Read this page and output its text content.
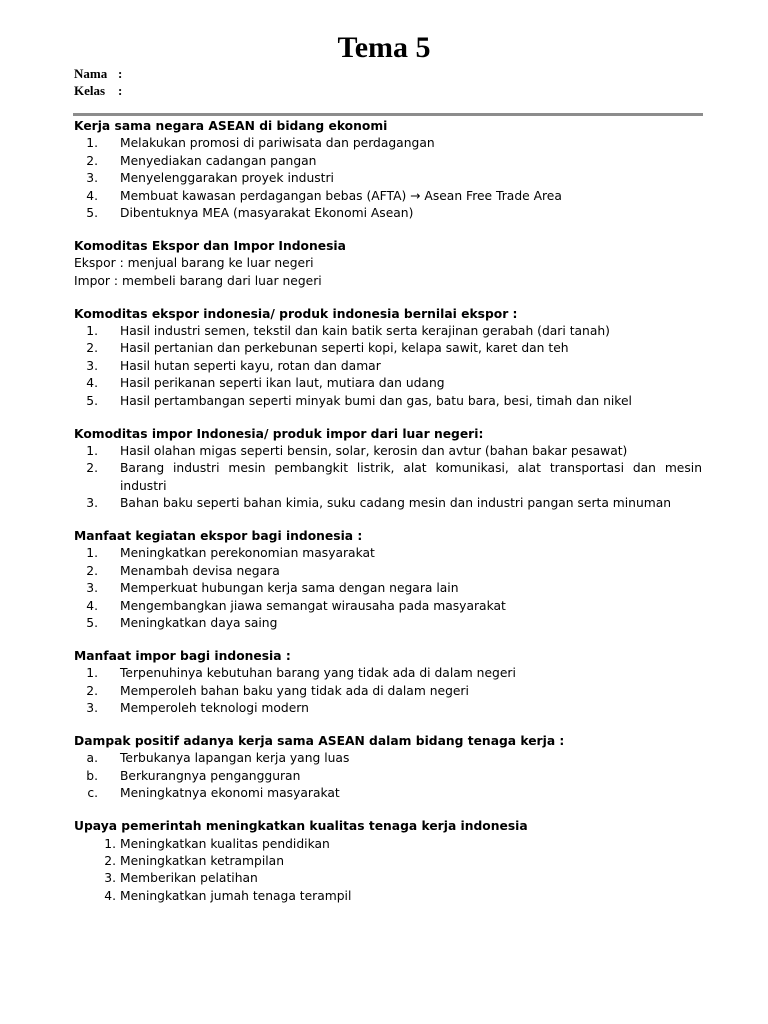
Tema 5
Nama :
Kelas :
Kerja sama negara ASEAN di bidang ekonomi
1.	Melakukan promosi di pariwisata dan perdagangan
2.	Menyediakan cadangan pangan
3.	Menyelenggarakan proyek industri
4.	Membuat kawasan perdagangan bebas (AFTA) → Asean Free Trade Area
5.	Dibentuknya MEA (masyarakat Ekonomi Asean)
Komoditas Ekspor dan Impor Indonesia
Ekspor : menjual barang ke luar negeri
Impor : membeli barang dari luar negeri
Komoditas ekspor indonesia/ produk indonesia bernilai ekspor :
1.	Hasil industri semen, tekstil dan kain batik serta kerajinan gerabah (dari tanah)
2.	Hasil pertanian dan perkebunan seperti kopi, kelapa sawit, karet dan teh
3.	Hasil hutan seperti kayu, rotan dan damar
4.	Hasil perikanan seperti ikan laut, mutiara dan udang
5.	Hasil pertambangan seperti minyak bumi dan gas, batu bara, besi, timah dan nikel
Komoditas impor Indonesia/ produk impor dari luar negeri:
1.	Hasil olahan migas seperti bensin, solar, kerosin dan avtur (bahan bakar pesawat)
2.	Barang industri mesin pembangkit listrik, alat komunikasi, alat transportasi dan mesin industri
3.	Bahan baku seperti bahan kimia, suku cadang mesin dan industri pangan serta minuman
Manfaat kegiatan ekspor bagi indonesia :
1.	Meningkatkan perekonomian masyarakat
2.	Menambah devisa negara
3.	Memperkuat hubungan kerja sama dengan negara lain
4.	Mengembangkan jiawa semangat wirausaha pada masyarakat
5.	Meningkatkan daya saing
Manfaat impor bagi indonesia :
1.	Terpenuhinya kebutuhan barang yang tidak ada di dalam negeri
2.	Memperoleh bahan baku yang tidak ada di dalam negeri
3.	Memperoleh teknologi modern
Dampak positif adanya kerja sama ASEAN dalam bidang tenaga kerja :
a.	Terbukanya lapangan kerja yang luas
b.	Berkurangnya pengangguran
c.	Meningkatnya ekonomi masyarakat
Upaya pemerintah meningkatkan kualitas tenaga kerja indonesia
1. Meningkatkan kualitas pendidikan
2. Meningkatkan ketrampilan
3. Memberikan pelatihan
4. Meningkatkan jumah tenaga terampil
